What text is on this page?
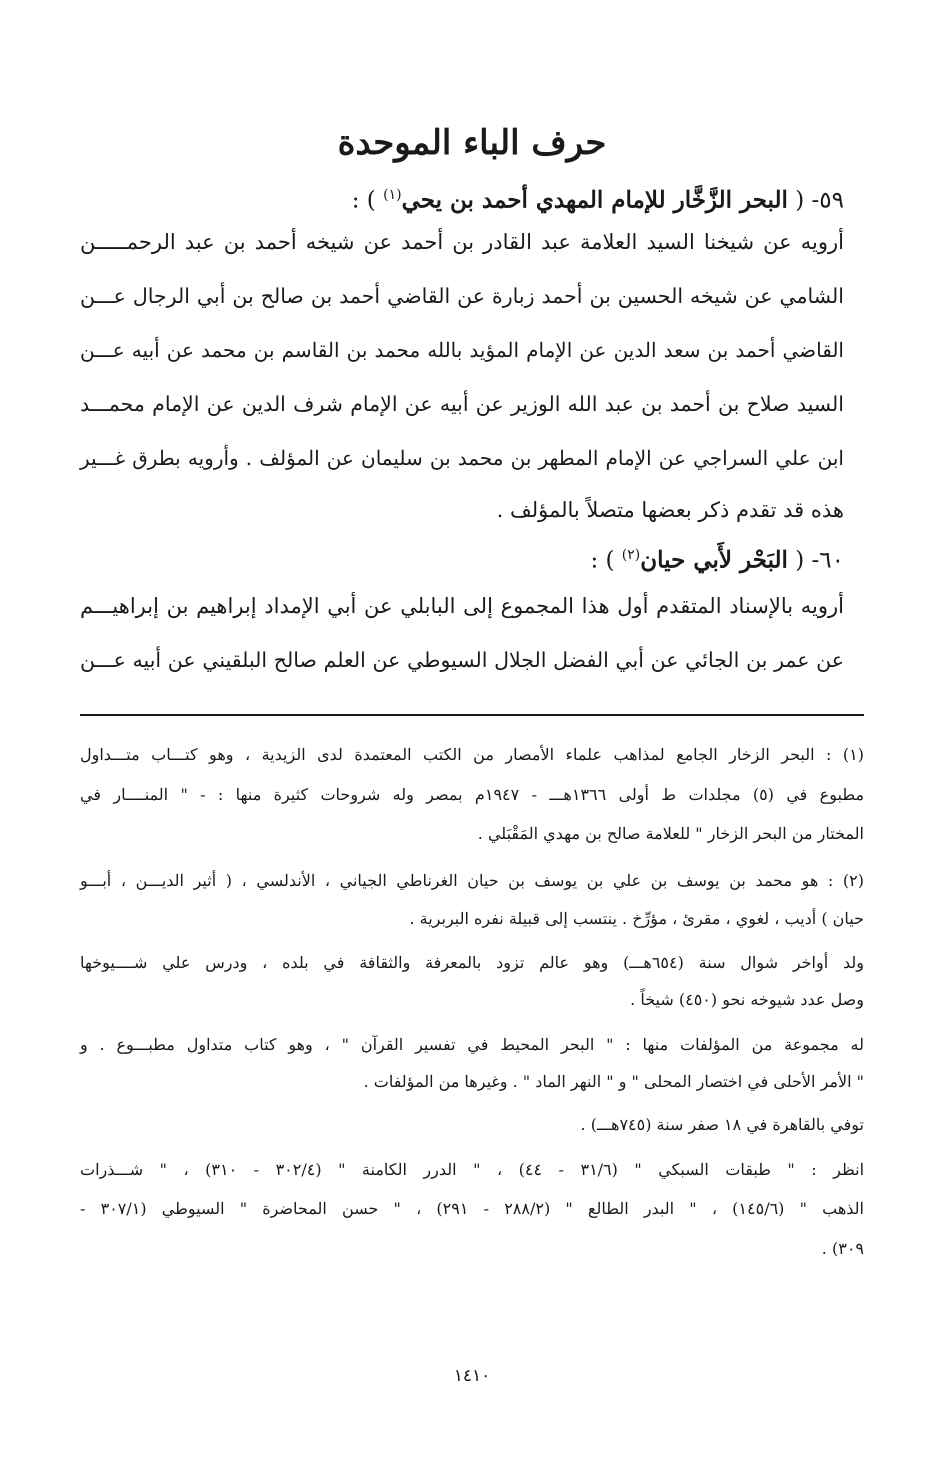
حرف الباء الموحدة

٥٩- ( البحر الزَّخَّار للإمام المهدي أحمد بن يحي$^{(١)}$ ) :

أرويه عن شيخنا السيد العلامة عبد القادر بن أحمد عن شيخه أحمد بن عبد الرحمـــــن

الشامي عن شيخه الحسين بن أحمد زبارة عن القاضي أحمد بن صالح بن أبي الرجال عـــن

القاضي أحمد بن سعد الدين عن الإمام المؤيد بالله محمد بن القاسم بن محمد عن أبيه عـــن

السيد صلاح بن أحمد بن عبد الله الوزير عن أبيه عن الإمام شرف الدين عن الإمام محمـــد

ابن علي السراجي عن الإمام المطهر بن محمد بن سليمان عن المؤلف . وأرويه بطرق غـــير

هذه قد تقدم ذكر بعضها متصلاً بالمؤلف .

٦٠- ( البَحْر لأَبي حيان$^{(٢)}$ ) :

أرويه بالإسناد المتقدم أول هذا المجموع إلى البابلي عن أبي الإمداد إبراهيم بن إبراهيـــم

عن عمر بن الجائي عن أبي الفضل الجلال السيوطي عن العلم صالح البلقيني عن أبيه عـــن

(١) : البحر الزخار الجامع لمذاهب علماء الأمصار من الكتب المعتمدة لدى الزيدية ، وهو كتـــاب متـــداول

مطبوع في (٥) مجلدات ط أولى ١٣٦٦هـــ - ١٩٤٧م بمصر وله شروحات كثيرة منها : - " المنــــار في

المختار من البحر الزخار " للعلامة صالح بن مهدي المَقْبَلي .

(٢) : هو محمد بن يوسف بن علي بن يوسف بن حيان الغرناطي الجياني ، الأندلسي ، ( أثير الديـــن ، أبـــو

حيان ) أديب ، لغوي ، مقرئ ، مؤرِّخ . ينتسب إلى قبيلة نفره البربرية .

ولد أواخر شوال سنة (٦٥٤هـــ) وهو عالم تزود بالمعرفة والثقافة في بلده ، ودرس علي شــــيوخها

وصل عدد شيوخه نحو (٤٥٠) شيخاً .

له مجموعة من المؤلفات منها : " البحر المحيط في تفسير القرآن " ، وهو كتاب متداول مطبـــوع . و

" الأمر الأحلى في اختصار المحلى " و " النهر الماد " . وغيرها من المؤلفات .

توفي بالقاهرة في ١٨ صفر سنة (٧٤٥هـــ) .

انظر : " طبقات السبكي " (٣١/٦ - ٤٤) ، " الدرر الكامنة " (٣٠٢/٤ - ٣١٠) ، " شـــذرات

الذهب " (١٤٥/٦) ، " البدر الطالع " (٢٨٨/٢ - ٢٩١) ، " حسن المحاضرة " السيوطي (٣٠٧/١ -

٣٠٩) .

١٤١٠
